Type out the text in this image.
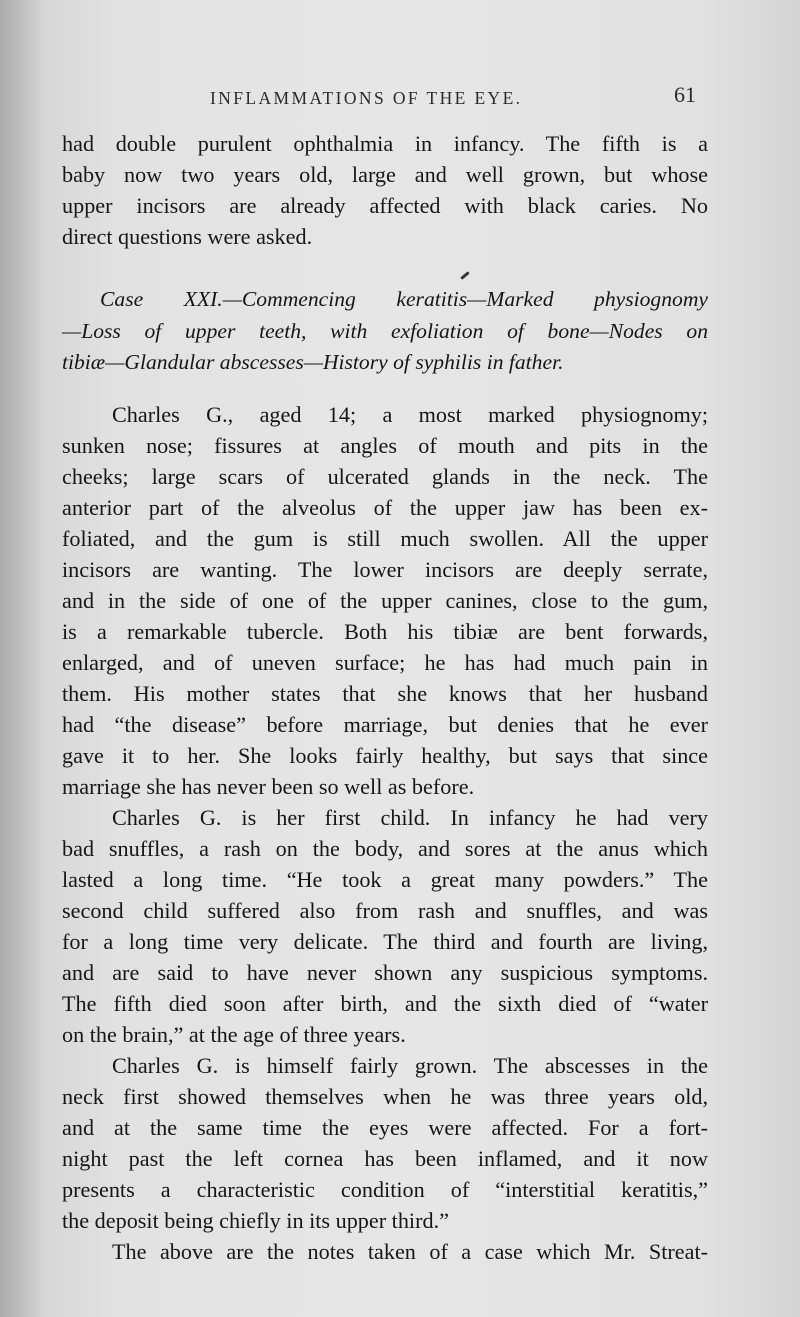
INFLAMMATIONS OF THE EYE.	61
had double purulent ophthalmia in infancy. The fifth is a
baby now two years old, large and well grown, but whose
upper incisors are already affected with black caries. No
direct questions were asked.
Case XXI.—Commencing keratitis—Marked physiognomy
—Loss of upper teeth, with exfoliation of bone—Nodes on
tibiæ—Glandular abscesses—History of syphilis in father.
Charles G., aged 14; a most marked physiognomy;
sunken nose; fissures at angles of mouth and pits in the
cheeks; large scars of ulcerated glands in the neck. The
anterior part of the alveolus of the upper jaw has been ex-
foliated, and the gum is still much swollen. All the upper
incisors are wanting. The lower incisors are deeply serrate,
and in the side of one of the upper canines, close to the gum,
is a remarkable tubercle. Both his tibiæ are bent forwards,
enlarged, and of uneven surface; he has had much pain in
them. His mother states that she knows that her husband
had “the disease” before marriage, but denies that he ever
gave it to her. She looks fairly healthy, but says that since
marriage she has never been so well as before.
Charles G. is her first child. In infancy he had very
bad snuffles, a rash on the body, and sores at the anus which
lasted a long time. “He took a great many powders.” The
second child suffered also from rash and snuffles, and was
for a long time very delicate. The third and fourth are living,
and are said to have never shown any suspicious symptoms.
The fifth died soon after birth, and the sixth died of “water
on the brain,” at the age of three years.
Charles G. is himself fairly grown. The abscesses in the
neck first showed themselves when he was three years old,
and at the same time the eyes were affected. For a fort-
night past the left cornea has been inflamed, and it now
presents a characteristic condition of “interstitial keratitis,”
the deposit being chiefly in its upper third.”
The above are the notes taken of a case which Mr. Streat-
